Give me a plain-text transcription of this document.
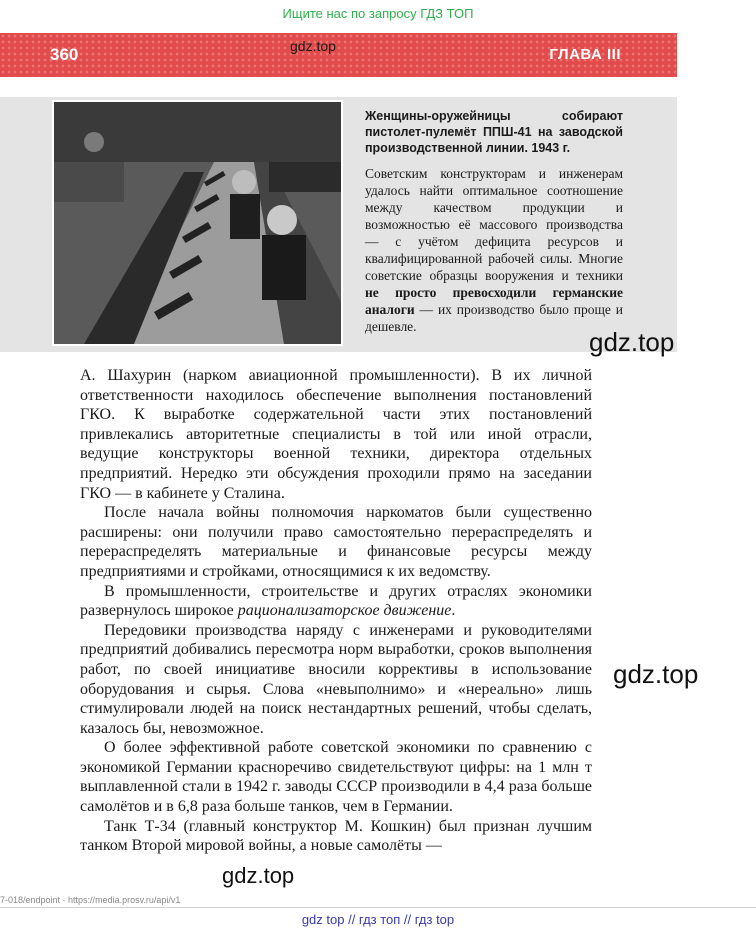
Ищите нас по запросу ГДЗ ТОП
360	gdz.top	ГЛАВА III
Женщины-оружейницы собирают пистолет-пулемёт ППШ-41 на заводской производственной линии. 1943 г.
Советским конструкторам и инженерам удалось найти оптимальное соотношение между качеством продукции и возможностью её массового производства — с учётом дефицита ресурсов и квалифицированной рабочей силы. Многие советские образцы вооружения и техники не просто превосходили германские аналоги — их производство было проще и дешевле.
gdz.top
gdz.top
gdz.top

А. Шахурин (нарком авиационной промышленности). В их личной ответственности находилось обеспечение выполнения постановлений ГКО. К выработке содержательной части этих постановлений привлекались авторитетные специалисты в той или иной отрасли, ведущие конструкторы военной техники, директора отдельных предприятий. Нередко эти обсуждения проходили прямо на заседании ГКО — в кабинете у Сталина.

После начала войны полномочия наркоматов были существенно расширены: они получили право самостоятельно перераспределять и перераспределять материальные и финансовые ресурсы между предприятиями и стройками, относящимися к их ведомству.

В промышленности, строительстве и других отраслях экономики развернулось широкое рационализаторское движение.

Передовики производства наряду с инженерами и руководителями предприятий добивались пересмотра норм выработки, сроков выполнения работ, по своей инициативе вносили коррективы в использование оборудования и сырья. Слова «невыполнимо» и «нереально» лишь стимулировали людей на поиск нестандартных решений, чтобы сделать, казалось бы, невозможное.

О более эффективной работе советской экономики по сравнению с экономикой Германии красноречиво свидетельствуют цифры: на 1 млн т выплавленной стали в 1942 г. заводы СССР производили в 4,4 раза больше самолётов и в 6,8 раза больше танков, чем в Германии.

Танк Т-34 (главный конструктор М. Кошкин) был признан лучшим танком Второй мировой войны, а новые самолёты —

7-018/endpoint · https://media.prosv.ru/api/v1
gdz top // гдз топ // гдз top
